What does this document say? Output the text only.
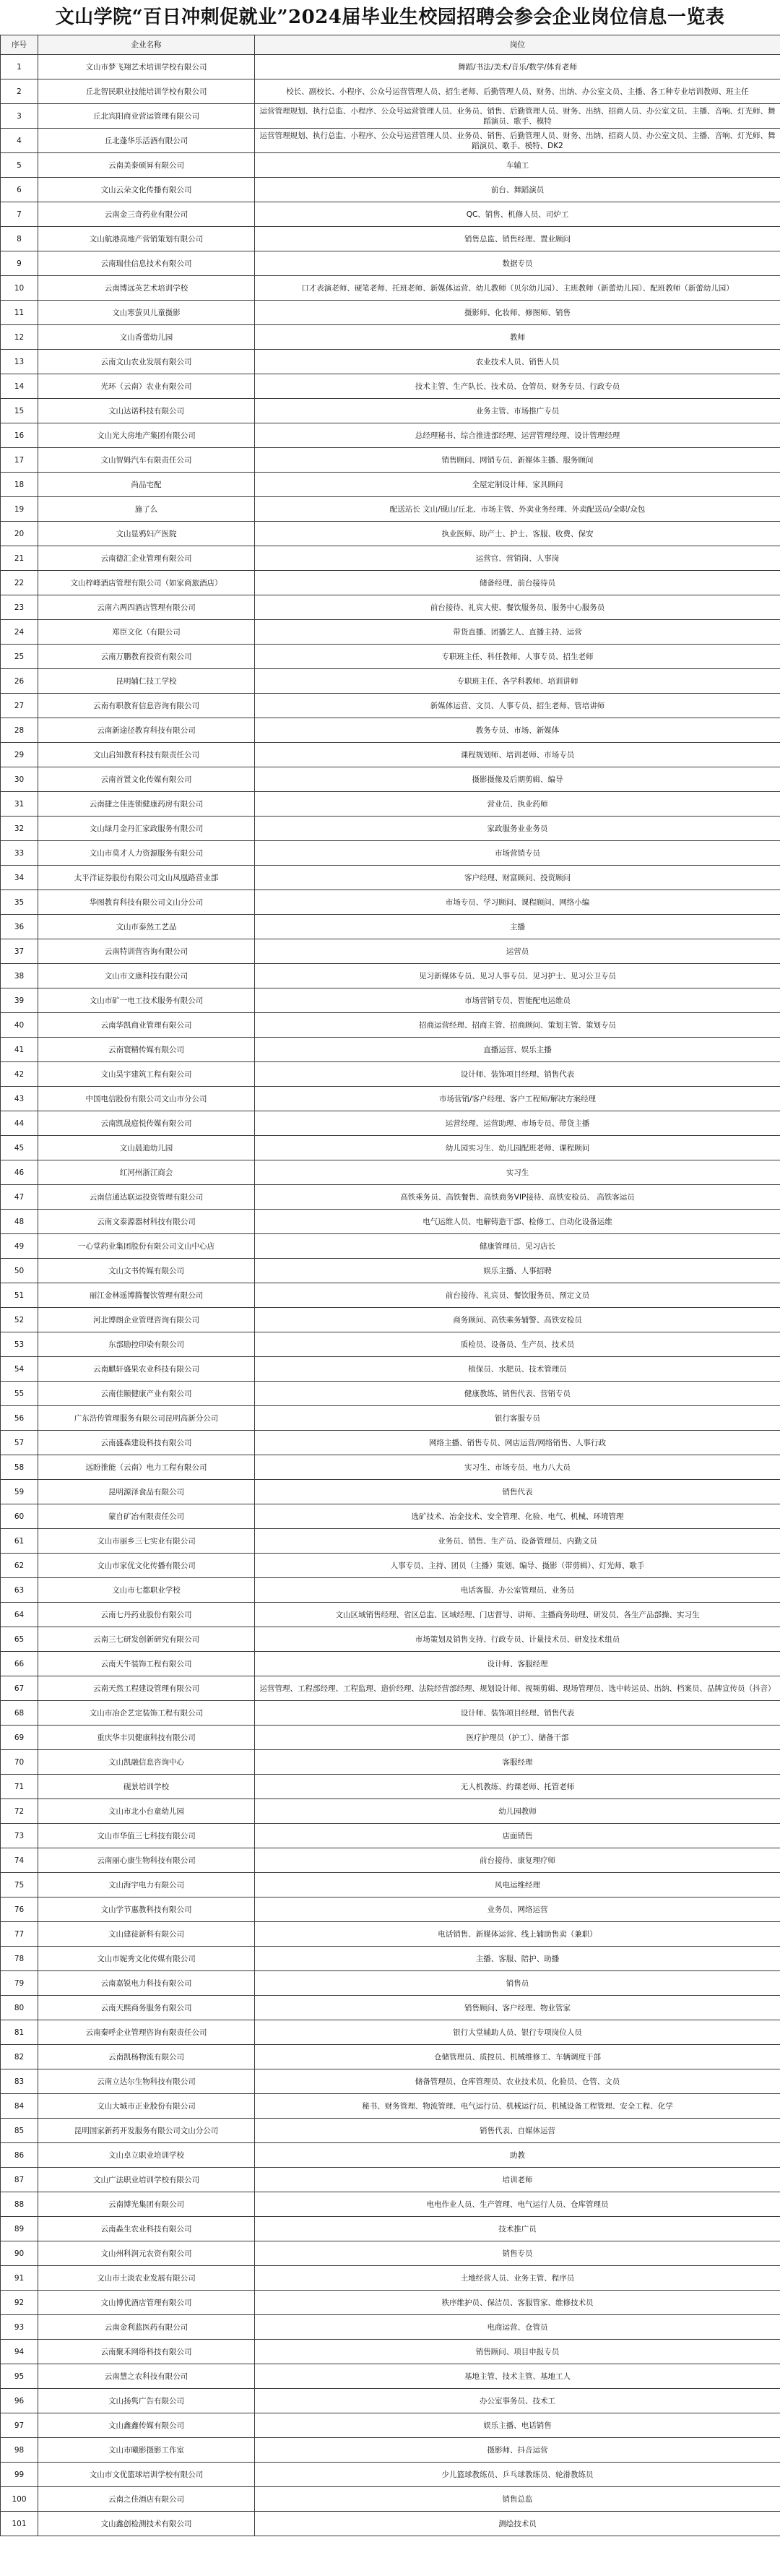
文山学院“百日冲刺促就业”2024届毕业生校园招聘会参会企业岗位信息一览表
序号	企业名称	岗位
1	文山市梦飞翔艺术培训学校有限公司	舞蹈/书法/美术/音乐/数学/体育老师
2	丘北智民职业技能培训学校有限公司	校长、副校长、小程序、公众号运营管理人员、招生老师、后勤管理人员、财务、出纳、办公室文员、主播、各工种专业培训教师、班主任
3	丘北宾阳商业营运管理有限公司	运营管理规划、执行总监、小程序、公众号运营管理人员、业务员、销售、后勤管理人员、财务、出纳、招商人员、办公室文员、主播、音响、灯光师、舞蹈演员、歌手、模特
4	丘北蓬华乐活酒有限公司	运营管理规划、执行总监、小程序、公众号运营管理人员、业务员、销售、后勤管理人员、财务、出纳、招商人员、办公室文员、主播、音响、灯光师、舞蹈演员、歌手、模特、DK2
5	云南美泰硕昇有限公司	车辅工
6	文山云朵文化传播有限公司	前台、舞蹈演员
7	云南金三奇药业有限公司	QC、销售、机修人员、司炉工
8	文山航港高地产营销策划有限公司	销售总监、销售经理、置业顾问
9	云南瑞佳信息技术有限公司	数据专员
10	云南博远英艺术培训学校	口才表演老师、硬笔老师、托班老师、新媒体运营、幼儿教师（贝尔幼儿园）、主班教师（新蕾幼儿园）、配班教师（新蕾幼儿园）
11	文山寒萤贝儿童摄影	摄影师、化妆师、修图师、销售
12	文山香蕾幼儿园	教师
13	云南文山农业发展有限公司	农业技术人员、销售人员
14	光环（云南）农业有限公司	技术主管、生产队长、技术员、仓管员、财务专员、行政专员
15	文山达诺科技有限公司	业务主管、市场推广专员
16	文山光大房地产集团有限公司	总经理秘书、综合推进部经理、运营管理经理、设计管理经理
17	文山智姆汽车有限责任公司	销售顾问、网销专员、新媒体主播、服务顾问
18	尚品宅配	全屋定制设计师、家具顾问
19	施了么	配送站长 文山/砚山/丘北、市场主管、外卖业务经理、外卖配送员/全职/众包
20	文山显鸦妇产医院	执业医师、助产士、护士、客服、收费、保安
21	云南德汇企业管理有限公司	运营官、营销岗、人事岗
22	文山梓峰酒店管理有限公司（如家商旅酒店）	储备经理、前台接待员
23	云南六两四酒店管理有限公司	前台接待、礼宾大使、餐饮服务员、服务中心服务员
24	郑臣文化（有限公司	带货直播、团播艺人、直播主持、运营
25	云南万鹏教育投资有限公司	专职班主任、科任教师、人事专员、招生老师
26	昆明辅仁技工学校	专职班主任、各学科教师、培训讲师
27	云南有职教育信息咨询有限公司	新媒体运营、文员、人事专员、招生老师、管培讲师
28	云南新途径教育科技有限公司	教务专员、市场、新媒体
29	文山启知教育科技有限责任公司	课程规划师、培训老师、市场专员
30	云南首置文化传媒有限公司	摄影摄像及后期剪辑、编导
31	云南捷之佳连锁健康药房有限公司	营业员、执业药师
32	文山绿月金丹汇家政服务有限公司	家政服务业业务员
33	文山市莫才人力资源服务有限公司	市场营销专员
34	太平洋证券股份有限公司文山凤凰路营业部	客户经理、财富顾问、投资顾问
35	华图教育科技有限公司文山分公司	市场专员、学习顾问、课程顾问、网络小编
36	文山市泰然工艺品	主播
37	云南特训营咨询有限公司	运营员
38	文山市文康科技有限公司	见习新媒体专员、见习人事专员、见习护士、见习公卫专员
39	文山市矿一电工技术服务有限公司	市场营销专员、智能配电运维员
40	云南华凯商业管理有限公司	招商运营经理、招商主管、招商顾问、策划主管、策划专员
41	云南寰精传媒有限公司	直播运营、娱乐主播
42	文山昊宇建筑工程有限公司	设计师、装饰项目经理、销售代表
43	中国电信股份有限公司文山市分公司	市场营销/客户经理、客户工程师/解决方案经理
44	云南凯晟庭悦传媒有限公司	运营经理、运营助理、市场专员、带货主播
45	文山晨迪幼儿园	幼儿园实习生、幼儿园配班老师、课程顾问
46	红河州浙江商会	实习生
47	云南信通达联运投资管理有限公司	高铁乘务员、高铁餐售、高铁商务VIP接待、高铁安检员、 高铁客运员
48	云南文泰源器材科技有限公司	电气运维人员、电解铸造干部、检修工、自动化设备运维
49	一心堂药业集团股份有限公司文山中心店	健康管理员、见习店长
50	文山文书传媒有限公司	娱乐主播、人事招聘
51	丽江金林遥博腾餐饮管理有限公司	前台接待、礼宾员、餐饮服务员、预定文员
52	河北博朗企业管理咨询有限公司	商务顾问、高铁乘务辅警、高铁安检员
53	东部励控印染有限公司	质检员、设备员、生产员、技术员
54	云南麒轩盛果农业科技有限公司	植保员、水肥员、技术管理员
55	云南佳颐健康产业有限公司	健康教练、销售代表、营销专员
56	广东浩传管理服务有限公司昆明高新分公司	银行客服专员
57	云南盛森建设科技有限公司	网络主播、销售专员、网店运营/网络销售、人事行政
58	远盼推能（云南）电力工程有限公司	实习生、市场专员、电力八大员
59	昆明源泽食品有限公司	销售代表
60	蒙自矿冶有限责任公司	选矿技术、冶金技术、安全管理、化验、电气、机械、环境管理
61	文山市丽乡三七实业有限公司	业务员、销售、生产员、设备管理员、内勤文员
62	文山市家优文化传播有限公司	人事专员、主持、团员（主播）策划、编导、摄影（带剪辑）、灯光师、歌手
63	文山市七都职业学校	电话客服、办公室管理员、业务员
64	云南七丹药业股份有限公司	文山区域销售经理、省区总监、区域经理、门店督导、讲师、主播商务助理、研发员、各生产品部操、实习生
65	云南三七研发创新研究有限公司	市场策划及销售支持、行政专员、计量技术员、研发技术组员
66	云南天牛装饰工程有限公司	设计师、客服经理
67	云南天然工程建设管理有限公司	运营管理、工程部经理、工程监理、造价经理、法院经营部经理、规划设计师、视频剪辑、现场管理员、选中转运员、出纳、档案员、品牌宣传员（抖音）
68	文山市冶企艺定装饰工程有限公司	设计师、装饰项目经理、销售代表
69	重庆华丰贝健康科技有限公司	医疗护理员（护工）、储备干部
70	文山凯融信息咨询中心	客服经理
71	砚景培训学校	无人机教练、约课老师、托管老师
72	文山市北小台童幼儿园	幼儿园教师
73	文山市华值三七科技有限公司	店面销售
74	云南丽心康生物科技有限公司	前台接待、康复理疗师
75	文山海宇电力有限公司	风电运维经理
76	文山学节惠教科技有限公司	业务员、网络运营
77	文山建徒新科有限公司	电话销售、新媒体运营、线上辅助售卖（兼职）
78	文山市妮秀文化传媒有限公司	主播、客服、陪护、助播
79	云南嘉锐电力科技有限公司	销售员
80	云南天熙商务服务有限公司	销售顾问、客户经理、物业管家
81	云南秦呼企业管理咨询有限责任公司	银行大堂辅助人员、银行专项岗位人员
82	云南凯杨物流有限公司	仓储管理员、质控员、机械维修工、车辆调度干部
83	云南立达尔生物科技有限公司	储备管理员、仓库管理员、农业技术员、化验员、仓管、文员
84	文山大城市正业股份有限公司	秘书、财务管理、物流管理、电气运行员、机械运行员、机械设备工程管理、安全工程、化学
85	昆明国家新药开发服务有限公司文山分公司	销售代表、自媒体运营
86	文山卓立职业培训学校	助教
87	文山广法职业培训学校有限公司	培训老师
88	云南博光集团有限公司	电电作业人员、生产管理、电气运行人员、仓库管理员
89	云南淼生农业科技有限公司	技术推广员
90	文山州科润元农资有限公司	销售专员
91	文山市土淡农业发展有限公司	土地经营人员、业务主管、程序员
92	文山博优酒店管理有限公司	秩序维护员、保洁员、客服管家、维修技术员
93	云南金利蓝医药有限公司	电商运营、仓管员
94	云南聚禾网络科技有限公司	销售顾问、项目申报专员
95	云南慧之农科技有限公司	基地主管、技术主管、基地工人
96	文山扬隽广告有限公司	办公室事务员、技术工
97	文山鑫鑫传媒有限公司	娱乐主播、电话销售
98	文山市曦影摄影工作室	摄影师、抖音运营
99	文山市文优篮球培训学校有限公司	少儿篮球教练员、乒乓球教练员、轮滑教练员
100	云南之佳酒店有限公司	销售总监
101	文山鑫创检测技术有限公司	测绘技术员
